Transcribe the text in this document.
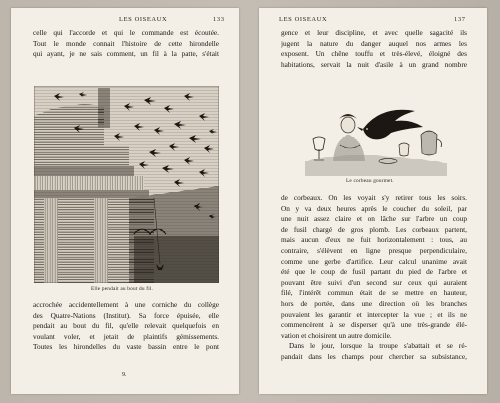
LES OISEAUX	133
celle qui l'accorde et qui le commande est écoutée.
Tout le monde connait l'histoire de cette hirondelle
qui ayant, je ne sais comment, un fil à la patte, s'était
Elle pendait au bout du fil.
accrochée accidentellement à une corniche du collège
des Quatre-Nations (Institut). Sa force épuisée, elle
pendait au bout du fil, qu'elle relevait quelquefois en
voulant voler, et jetait de plaintifs gémissements.
Toutes les hirondelles du vaste bassin entre le pont
9.
LES OISEAUX	137
gence et leur discipline, et avec quelle sagacité ils
jugent la nature du danger auquel nos armes les
exposent. Un chêne touffu et très-élevé, éloigné des
habitations, servait la nuit d'asile à un grand nombre
Le corbeau gourmet.
de corbeaux. On les voyait s'y retirer tous les soirs.
On y va deux heures après le coucher du soleil, par
une nuit assez claire et on lâche sur l'arbre un coup
de fusil chargé de gros plomb. Les corbeaux partent,
mais aucun d'eux ne fuit horizontalement : tous, au
contraire, s'élèvent en ligne presque perpendiculaire,
comme une gerbe d'artifice. Leur calcul unanime avait
été que le coup de fusil partant du pied de l'arbre et
pouvant être suivi d'un second sur ceux qui auraient
filé, l'intérêt commun était de se mettre en hauteur,
hors de portée, dans une direction où les branches
pouvaient les garantir et intercepter la vue ; et ils ne
commencèrent à se disperser qu'à une très-grande élé-
vation et choisirent un autre domicile.
Dans le jour, lorsque la troupe s'abattait et se ré-
pandait dans les champs pour chercher sa subsistance,
